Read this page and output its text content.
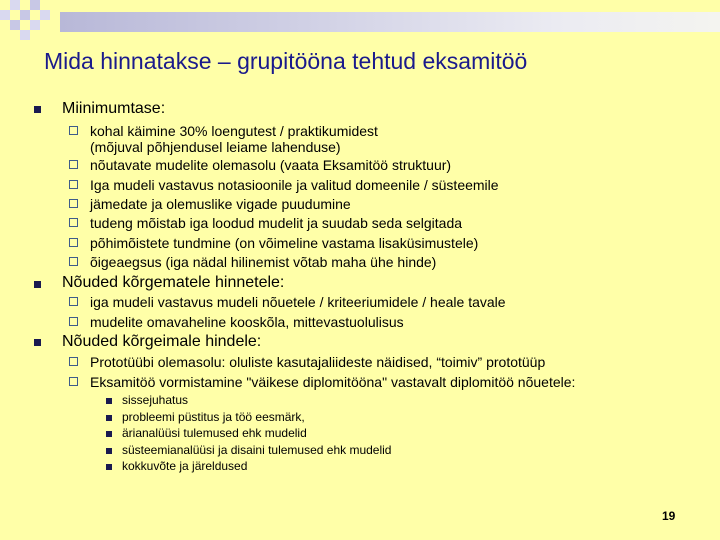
Mida hinnatakse – grupitööna tehtud eksamitöö
Miinimumtase:
kohal käimine 30% loengutest / praktikumidest
(mõjuval põhjendusel leiame lahenduse)
nõutavate mudelite olemasolu (vaata Eksamitöö struktuur)
Iga mudeli vastavus notasioonile ja valitud domeenile / süsteemile
jämedate ja olemuslike vigade puudumine
tudeng mõistab iga loodud mudelit ja suudab seda selgitada
põhimõistete tundmine (on võimeline vastama lisaküsimustele)
õigeaegsus (iga nädal hilinemist võtab maha ühe hinde)
Nõuded kõrgematele hinnetele:
iga mudeli vastavus mudeli nõuetele / kriteeriumidele / heale tavale
mudelite omavaheline kooskõla, mittevastuolulisus
Nõuded kõrgeimale hindele:
Prototüübi olemasolu: oluliste kasutajaliideste näidised, “toimiv” prototüüp
Eksamitöö vormistamine "väikese diplomitööna" vastavalt diplomitöö nõuetele:
sissejuhatus
probleemi püstitus ja töö eesmärk,
ärianalüüsi tulemused ehk mudelid
süsteemianalüüsi ja disaini tulemused ehk mudelid
kokkuvõte ja järeldused
19
